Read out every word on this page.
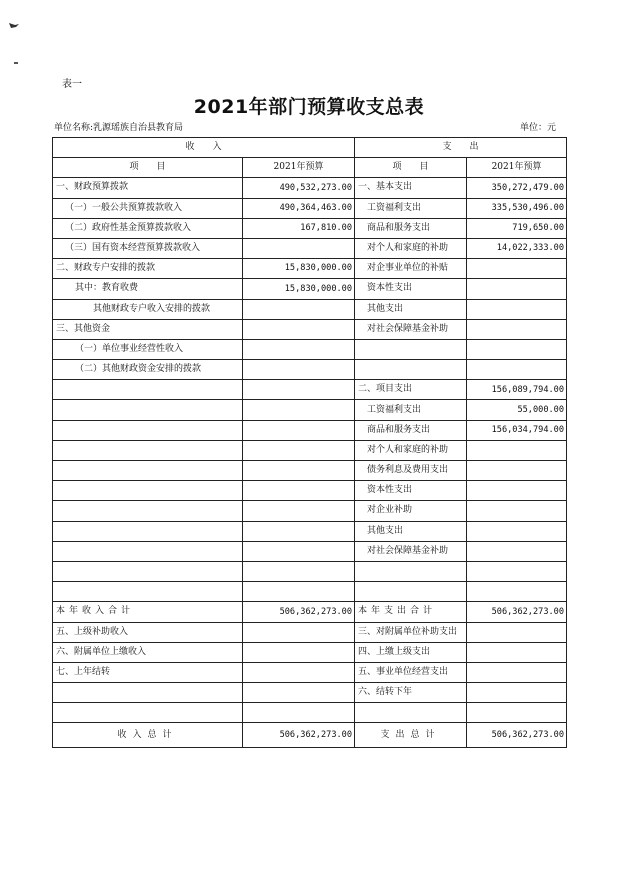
表一
2021年部门预算收支总表
单位名称:乳源瑶族自治县教育局	单位：元
收　　入		支　　出	
项　　目	2021年预算	项　　目	2021年预算
一、财政预算拨款	490,532,273.00	一、基本支出	350,272,479.00
（一）一般公共预算拨款收入	490,364,463.00	工资福利支出	335,530,496.00
（二）政府性基金预算拨款收入	167,810.00	商品和服务支出	719,650.00
（三）国有资本经营预算拨款收入		对个人和家庭的补助	14,022,333.00
二、财政专户安排的拨款	15,830,000.00	对企事业单位的补贴	
其中：教育收费	15,830,000.00	资本性支出	
其他财政专户收入安排的拨款		其他支出	
三、其他资金		对社会保障基金补助	
（一）单位事业经营性收入			
（二）其他财政资金安排的拨款			
		二、项目支出	156,089,794.00
		工资福利支出	55,000.00
		商品和服务支出	156,034,794.00
		对个人和家庭的补助	
		债务利息及费用支出	
		资本性支出	
		对企业补助	
		其他支出	
		对社会保障基金补助	

本年收入合计	506,362,273.00	本年支出合计	506,362,273.00
五、上级补助收入		三、对附属单位补助支出	
六、附属单位上缴收入		四、上缴上级支出	
七、上年结转		五、事业单位经营支出	
		六、结转下年	

收入总计	506,362,273.00	支出总计	506,362,273.00
